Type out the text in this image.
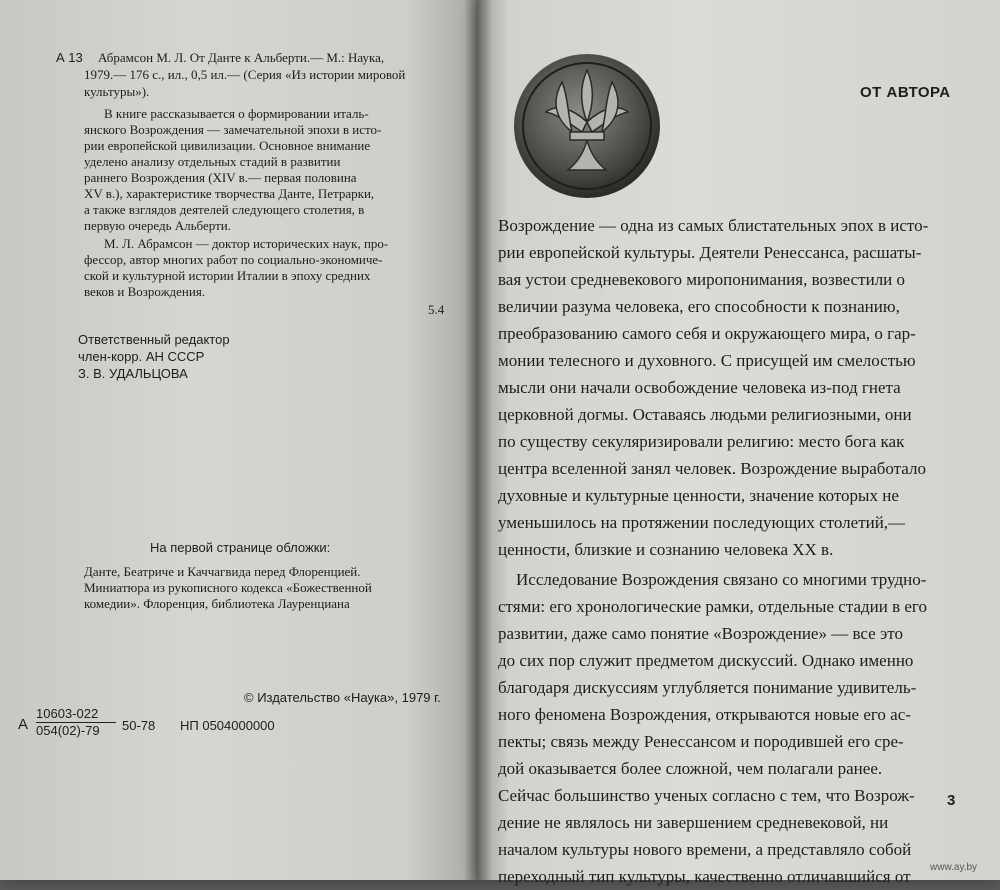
А 13 Абрамсон М. Л. От Данте к Альберти.— М.: Наука,
1979.— 176 с., ил., 0,5 ил.— (Серия «Из истории мировой
культуры»).
В книге рассказывается о формировании италь-
янского Возрождения — замечательной эпохи в исто-
рии европейской цивилизации. Основное внимание
уделено анализу отдельных стадий в развитии
раннего Возрождения (XIV в.— первая половина
XV в.), характеристике творчества Данте, Петрарки,
а также взглядов деятелей следующего столетия, в
первую очередь Альберти.
М. Л. Абрамсон — доктор исторических наук, про-
фессор, автор многих работ по социально-экономиче-
ской и культурной истории Италии в эпоху средних
веков и Возрождения.
5.4
Ответственный редактор
член-корр. АН СССР
З. В. УДАЛЬЦОВА
На первой странице обложки:
Данте, Беатриче и Каччагвида перед Флоренцией.
Миниатюра из рукописного кодекса «Божественной
комедии». Флоренция, библиотека Лауренциана
© Издательство «Наука», 1979 г.
А $\frac{10603-022}{054(02)-79} 50-78$ НП 0504000000
ОТ АВТОРА
Возрождение — одна из самых блистательных эпох в исто-
рии европейской культуры. Деятели Ренессанса, расшаты-
вая устои средневекового миропонимания, возвестили о
величии разума человека, его способности к познанию,
преобразованию самого себя и окружающего мира, о гар-
монии телесного и духовного. С присущей им смелостью
мысли они начали освобождение человека из-под гнета
церковной догмы. Оставаясь людьми религиозными, они
по существу секуляризировали религию: место бога как
центра вселенной занял человек. Возрождение выработало
духовные и культурные ценности, значение которых не
уменьшилось на протяжении последующих столетий,—
ценности, близкие и сознанию человека XX в.
Исследование Возрождения связано со многими трудно-
стями: его хронологические рамки, отдельные стадии в его
развитии, даже само понятие «Возрождение» — все это
до сих пор служит предметом дискуссий. Однако именно
благодаря дискуссиям углубляется понимание удивитель-
ного феномена Возрождения, открываются новые его ас-
пекты; связь между Ренессансом и породившей его сре-
дой оказывается более сложной, чем полагали ранее.
3
www.ay.by
Сейчас большинство ученых согласно с тем, что Возрож-
дение не являлось ни завершением средневековой, ни
началом культуры нового времени, а представляло собой
переходный тип культуры, качественно отличавшийся от
